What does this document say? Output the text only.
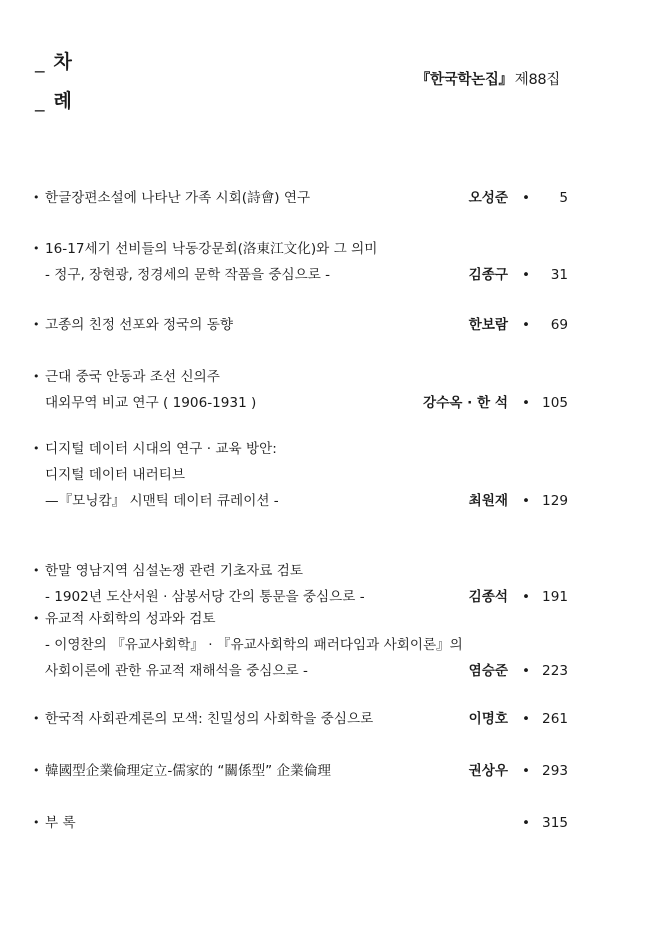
_ 차
_ 례
『한국학논집』 제88집
• 한글장편소설에 나타난 가족 시회(詩會) 연구	오성준 •	5
• 16-17세기 선비들의 낙동강문회(洛東江文化)와 그 의미
- 정구, 장현광, 정경세의 문학 작품을 중심으로 -	김종구 •	31
• 고종의 친정 선포와 정국의 동향	한보람 •	69
• 근대 중국 안동과 조선 신의주
대외무역 비교 연구 ( 1906-1931 )	강수옥 · 한 석 • 105
• 디지털 데이터 시대의 연구 · 교육 방안:
디지털 데이터 내러티브
—『모닝캄』 시맨틱 데이터 큐레이션 -	최원재 • 129
• 한말 영남지역 심설논쟁 관련 기초자료 검토
- 1902년 도산서원 · 삼봉서당 간의 통문을 중심으로 -	김종석 • 191
• 유교적 사회학의 성과와 검토
- 이영찬의 『유교사회학』 · 『유교사회학의 패러다임과 사회이론』의
사회이론에 관한 유교적 재해석을 중심으로 -	염승준 • 223
• 한국적 사회관계론의 모색: 친밀성의 사회학을 중심으로	이명호 • 261
• 韓國型企業倫理定立-儒家的 “關係型” 企業倫理	권상우 • 293
• 부 록	• 315
